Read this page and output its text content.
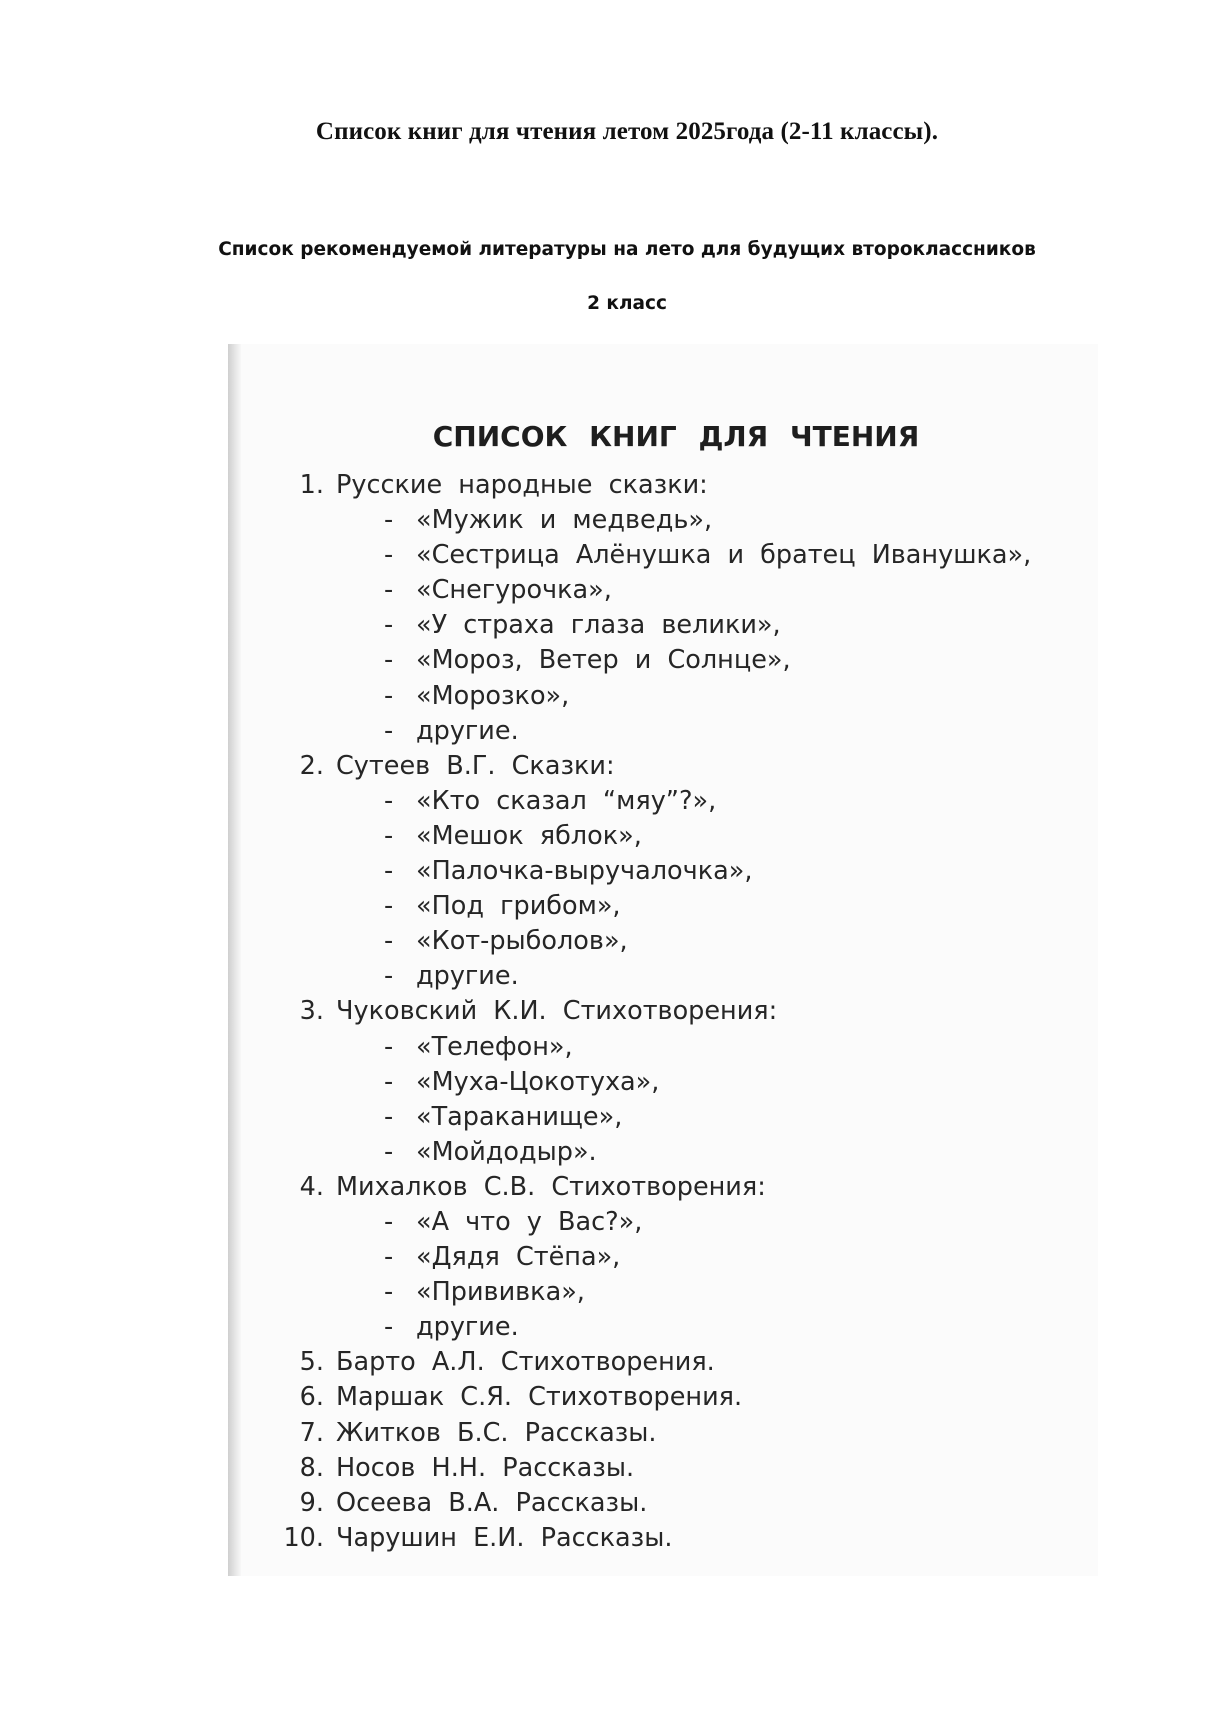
Список книг для чтения летом 2025года (2-11 классы).
Список рекомендуемой литературы на лето для будущих второклассников
2 класс
СПИСОК КНИГ ДЛЯ ЧТЕНИЯ
1. Русские народные сказки:
- «Мужик и медведь»,
- «Сестрица Алёнушка и братец Иванушка»,
- «Снегурочка»,
- «У страха глаза велики»,
- «Мороз, Ветер и Солнце»,
- «Морозко»,
- другие.
2. Сутеев В.Г. Сказки:
- «Кто сказал “мяу”?»,
- «Мешок яблок»,
- «Палочка-выручалочка»,
- «Под грибом»,
- «Кот-рыболов»,
- другие.
3. Чуковский К.И. Стихотворения:
- «Телефон»,
- «Муха-Цокотуха»,
- «Тараканище»,
- «Мойдодыр».
4. Михалков С.В. Стихотворения:
- «А что у Вас?»,
- «Дядя Стёпа»,
- «Прививка»,
- другие.
5. Барто А.Л. Стихотворения.
6. Маршак С.Я. Стихотворения.
7. Житков Б.С. Рассказы.
8. Носов Н.Н. Рассказы.
9. Осеева В.А. Рассказы.
10. Чарушин Е.И. Рассказы.
